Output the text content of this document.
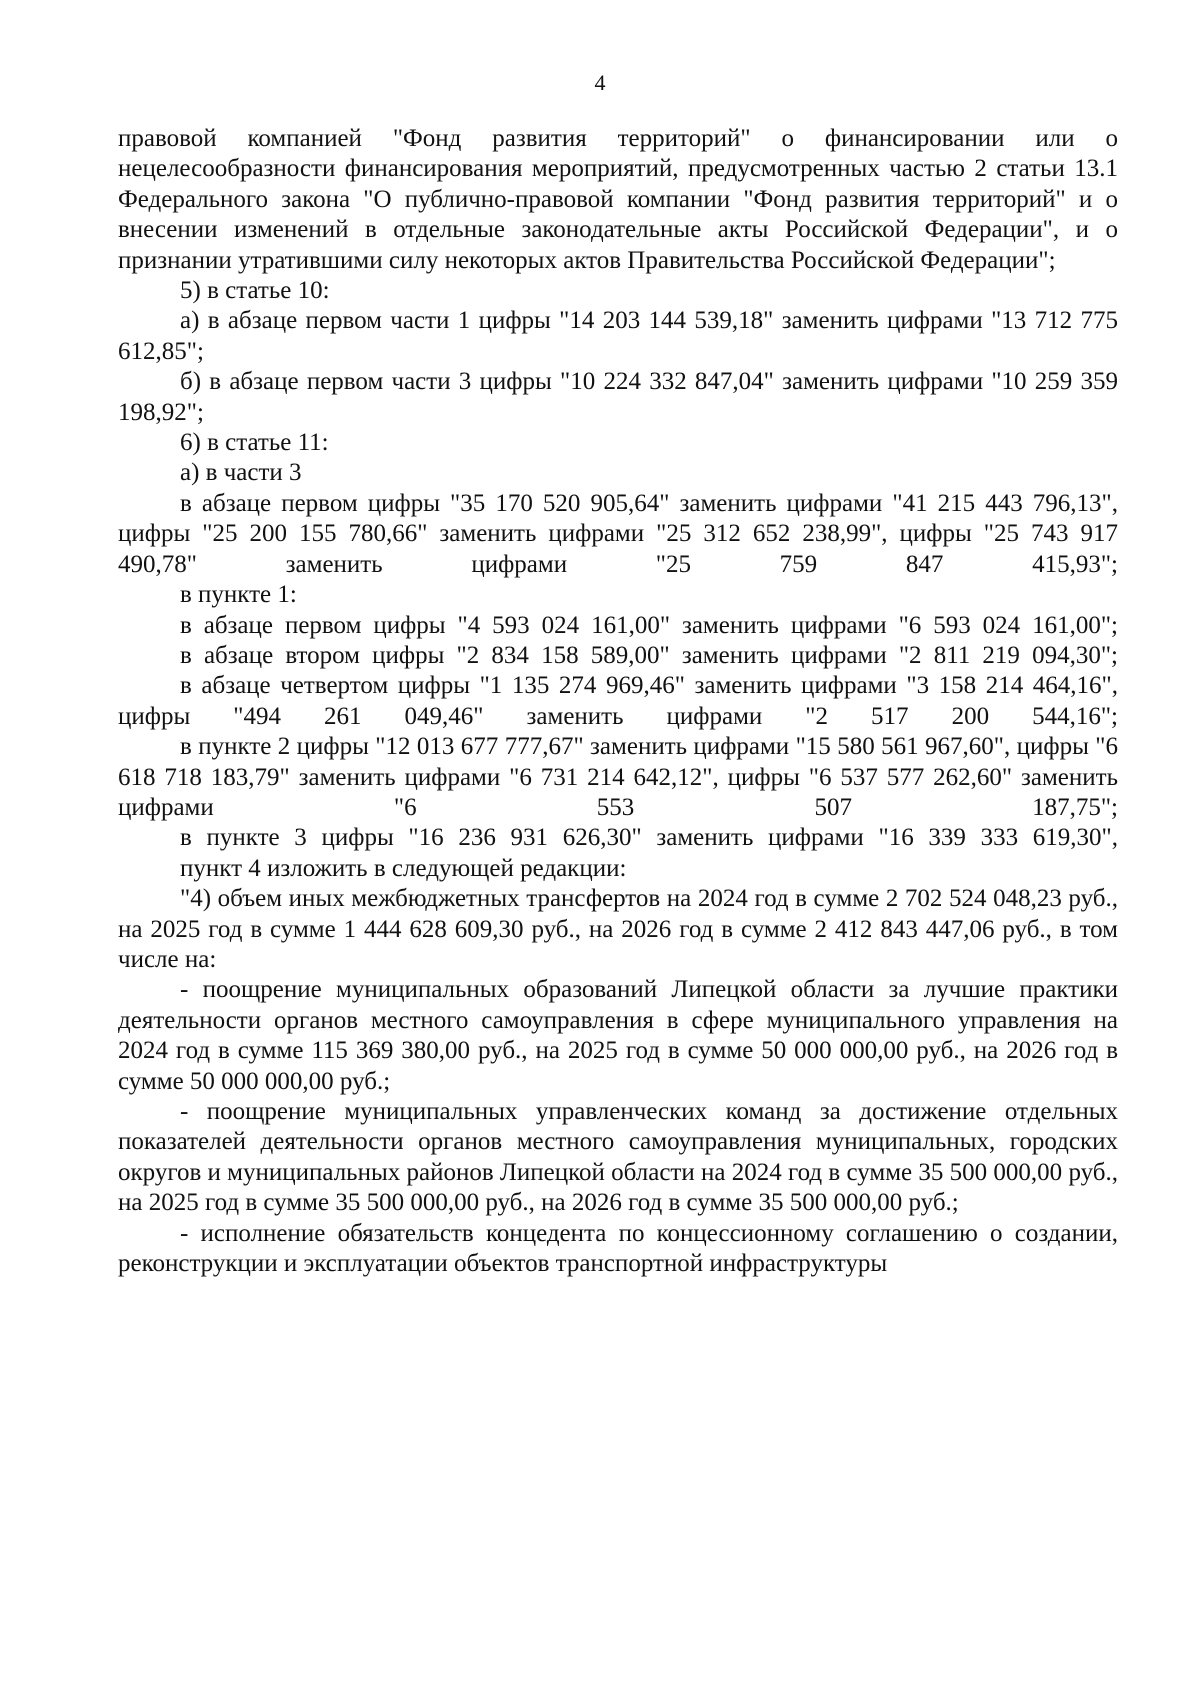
4

правовой компанией "Фонд развития территорий" о финансировании или о нецелесообразности финансирования мероприятий, предусмотренных частью 2 статьи 13.1 Федерального закона "О публично-правовой компании "Фонд развития территорий" и о внесении изменений в отдельные законодательные акты Российской Федерации", и о признании утратившими силу некоторых актов Правительства Российской Федерации";

5) в статье 10:

а) в абзаце первом части 1 цифры "14 203 144 539,18" заменить цифрами "13 712 775 612,85";

б) в абзаце первом части 3 цифры "10 224 332 847,04" заменить цифрами "10 259 359 198,92";

6) в статье 11:

а) в части 3

в абзаце первом цифры "35 170 520 905,64" заменить цифрами "41 215 443 796,13", цифры "25 200 155 780,66" заменить цифрами "25 312 652 238,99", цифры "25 743 917 490,78" заменить цифрами "25 759 847 415,93";

в пункте 1:

в абзаце первом цифры "4 593 024 161,00" заменить цифрами "6 593 024 161,00";

в абзаце втором цифры "2 834 158 589,00" заменить цифрами "2 811 219 094,30";

в абзаце четвертом цифры "1 135 274 969,46" заменить цифрами "3 158 214 464,16", цифры "494 261 049,46" заменить цифрами "2 517 200 544,16";

в пункте 2 цифры "12 013 677 777,67" заменить цифрами "15 580 561 967,60", цифры "6 618 718 183,79" заменить цифрами "6 731 214 642,12", цифры "6 537 577 262,60" заменить цифрами "6 553 507 187,75";

в пункте 3 цифры "16 236 931 626,30" заменить цифрами "16 339 333 619,30",

пункт 4 изложить в следующей редакции:

"4) объем иных межбюджетных трансфертов на 2024 год в сумме 2 702 524 048,23 руб., на 2025 год в сумме 1 444 628 609,30 руб., на 2026 год в сумме 2 412 843 447,06 руб., в том числе на:

- поощрение муниципальных образований Липецкой области за лучшие практики деятельности органов местного самоуправления в сфере муниципального управления на 2024 год в сумме 115 369 380,00 руб., на 2025 год в сумме 50 000 000,00 руб., на 2026 год в сумме 50 000 000,00 руб.;

- поощрение муниципальных управленческих команд за достижение отдельных показателей деятельности органов местного самоуправления муниципальных, городских округов и муниципальных районов Липецкой области на 2024 год в сумме 35 500 000,00 руб., на 2025 год в сумме 35 500 000,00 руб., на 2026 год в сумме 35 500 000,00 руб.;

- исполнение обязательств концедента по концессионному соглашению о создании, реконструкции и эксплуатации объектов транспортной инфраструктуры
